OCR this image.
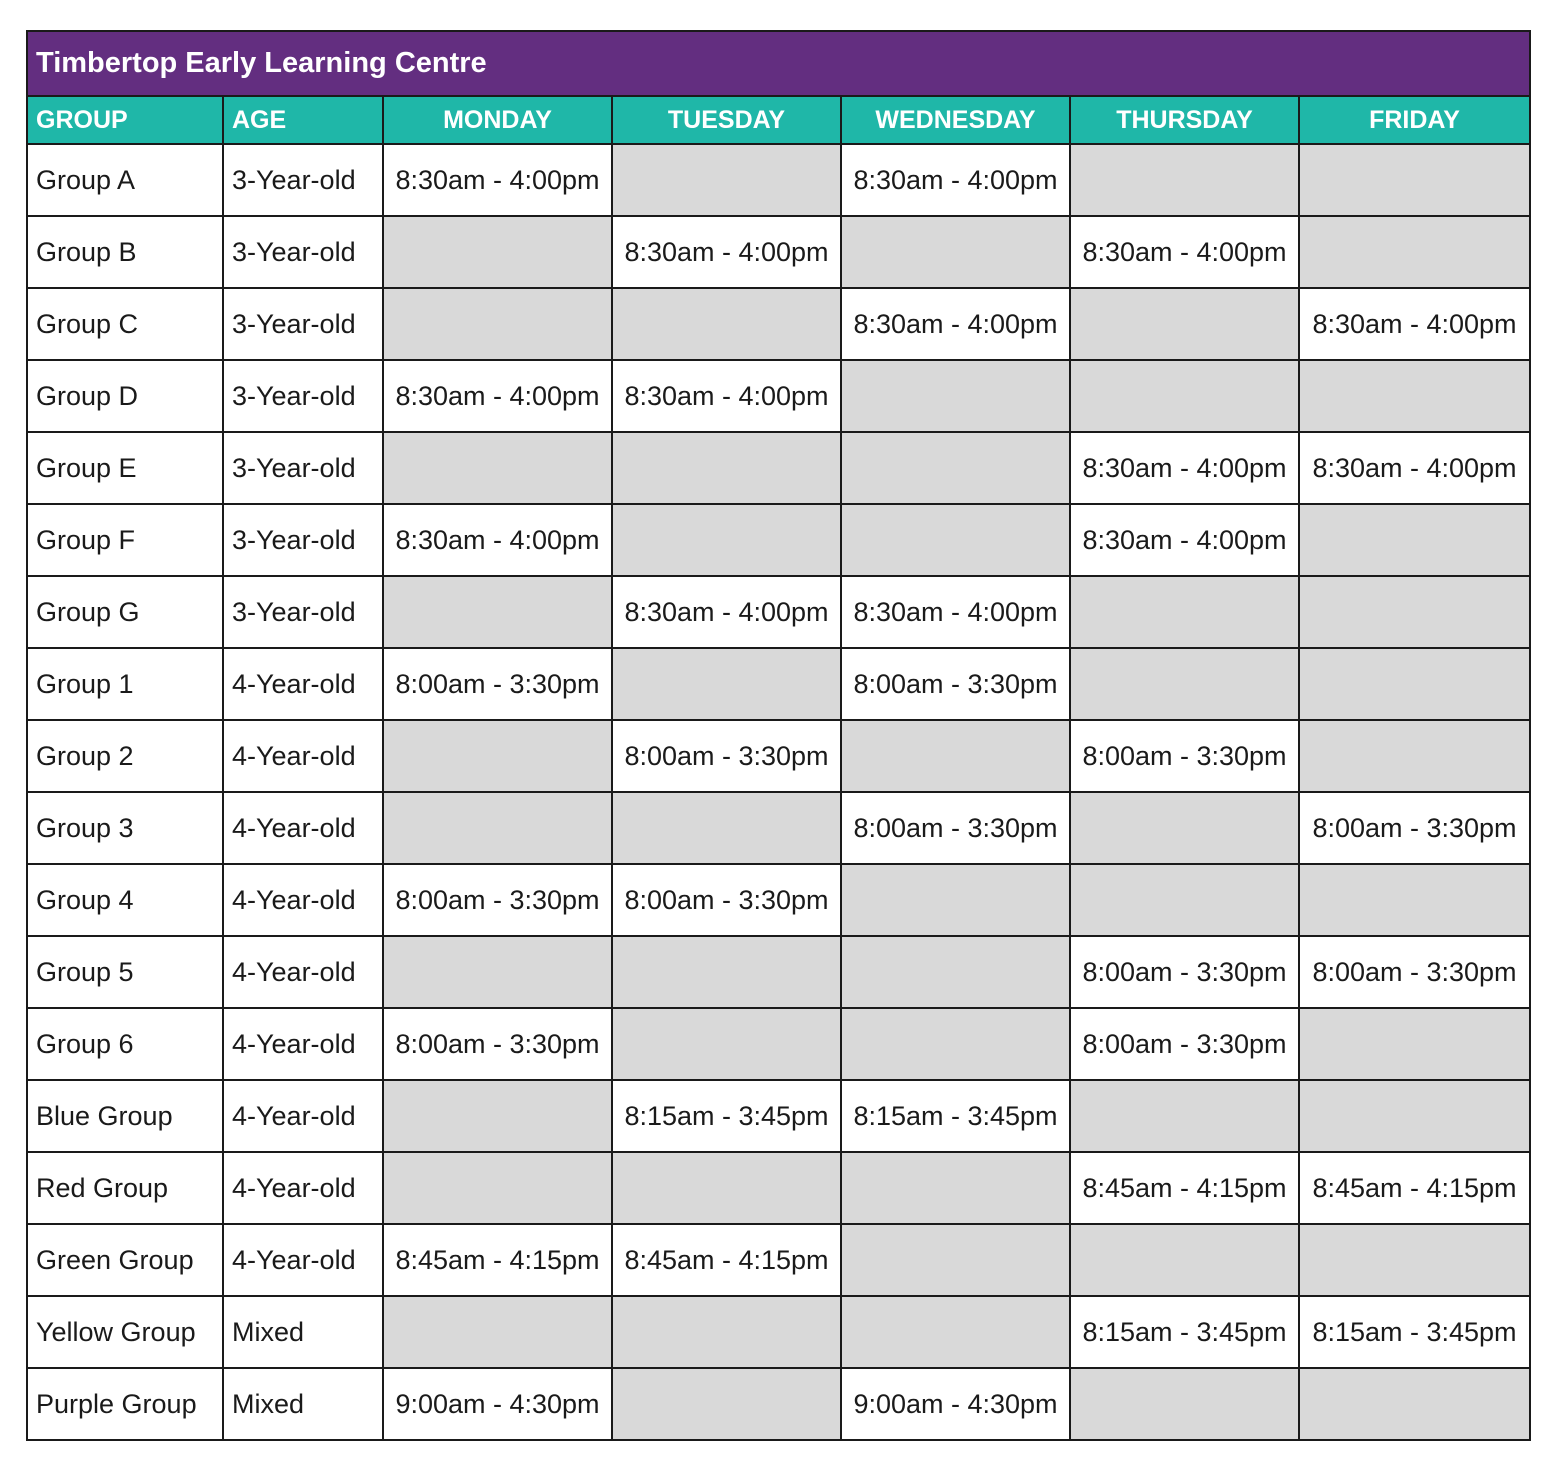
Timbertop Early Learning Centre						
GROUP	AGE	MONDAY	TUESDAY	WEDNESDAY	THURSDAY	FRIDAY
Group A	3-Year-old	8:30am - 4:00pm		8:30am - 4:00pm		
Group B	3-Year-old		8:30am - 4:00pm		8:30am - 4:00pm	
Group C	3-Year-old			8:30am - 4:00pm		8:30am - 4:00pm
Group D	3-Year-old	8:30am - 4:00pm	8:30am - 4:00pm			
Group E	3-Year-old				8:30am - 4:00pm	8:30am - 4:00pm
Group F	3-Year-old	8:30am - 4:00pm			8:30am - 4:00pm	
Group G	3-Year-old		8:30am - 4:00pm	8:30am - 4:00pm		
Group 1	4-Year-old	8:00am - 3:30pm		8:00am - 3:30pm		
Group 2	4-Year-old		8:00am - 3:30pm		8:00am - 3:30pm	
Group 3	4-Year-old			8:00am - 3:30pm		8:00am - 3:30pm
Group 4	4-Year-old	8:00am - 3:30pm	8:00am - 3:30pm			
Group 5	4-Year-old				8:00am - 3:30pm	8:00am - 3:30pm
Group 6	4-Year-old	8:00am - 3:30pm			8:00am - 3:30pm	
Blue Group	4-Year-old		8:15am - 3:45pm	8:15am - 3:45pm		
Red Group	4-Year-old				8:45am - 4:15pm	8:45am - 4:15pm
Green Group	4-Year-old	8:45am - 4:15pm	8:45am - 4:15pm			
Yellow Group	Mixed				8:15am - 3:45pm	8:15am - 3:45pm
Purple Group	Mixed	9:00am - 4:30pm		9:00am - 4:30pm		
